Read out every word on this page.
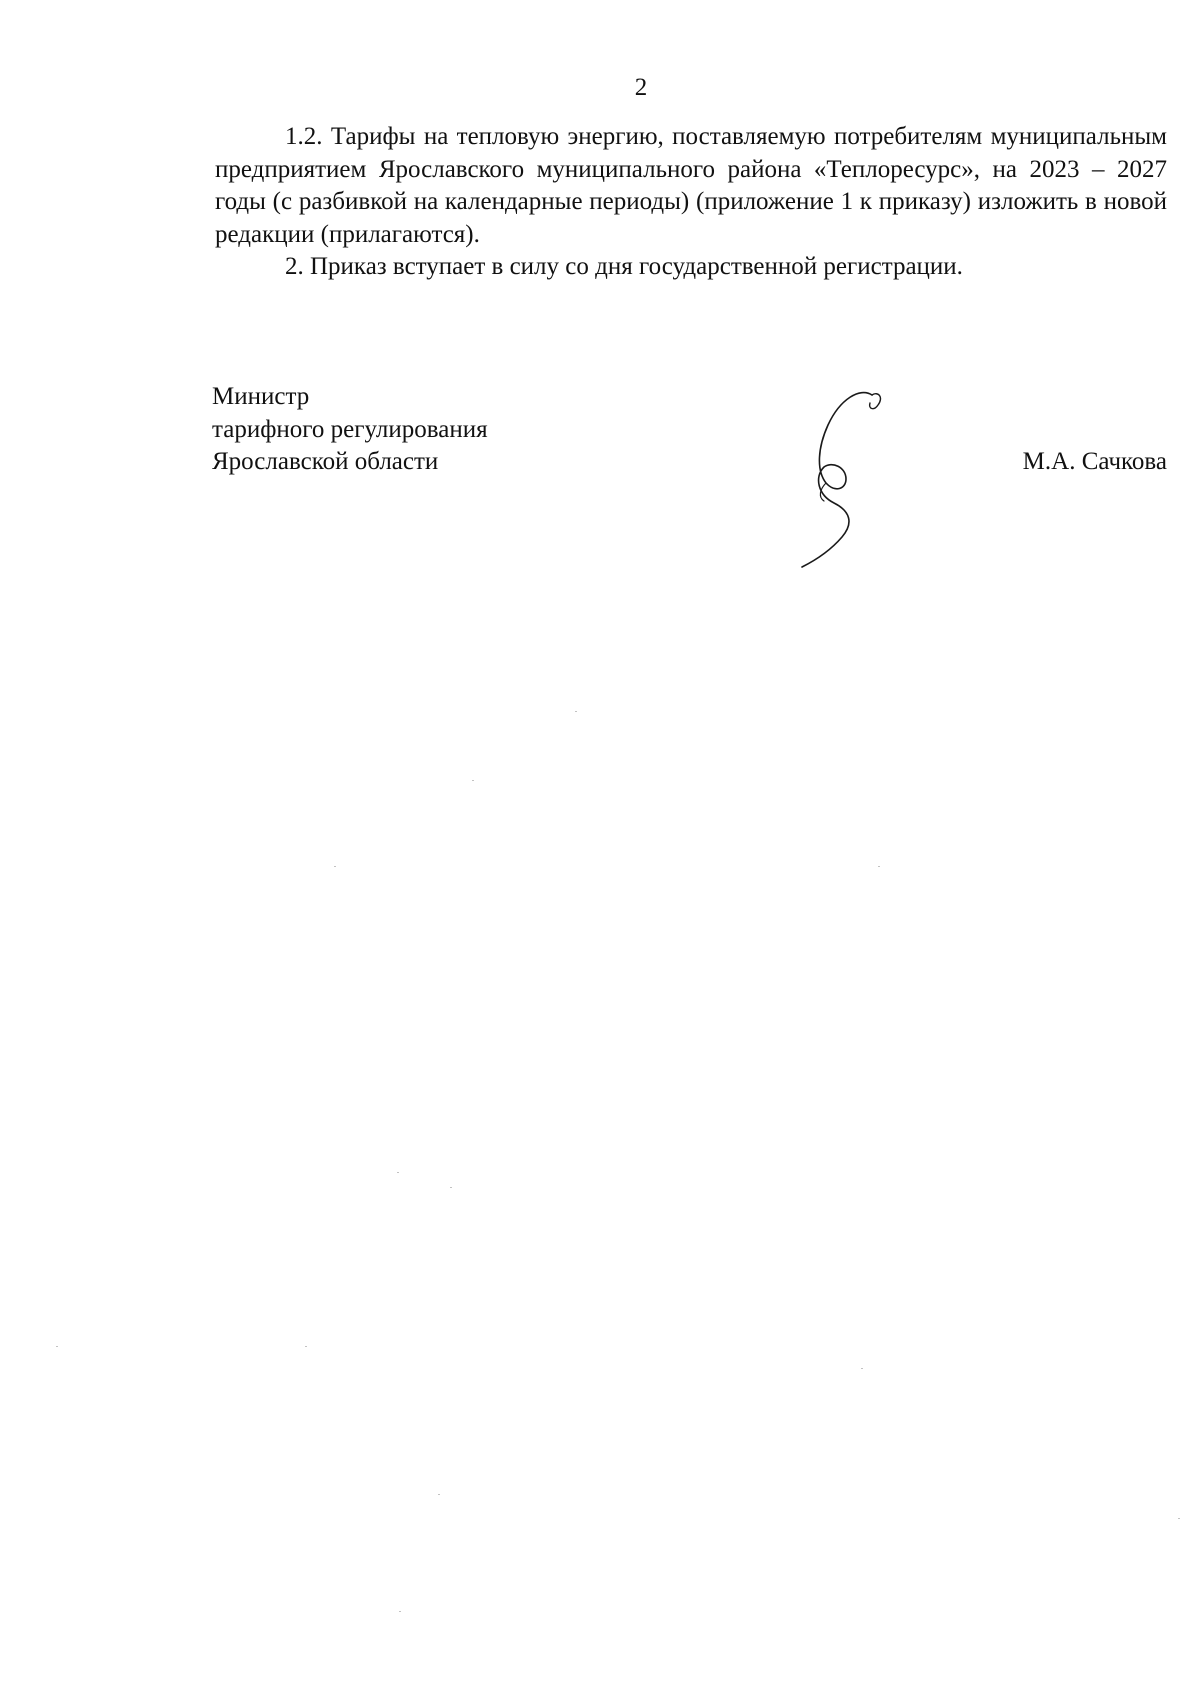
2

1.2. Тарифы на тепловую энергию, поставляемую потребителям муниципальным предприятием Ярославского муниципального района «Теплоресурс», на 2023 – 2027 годы (с разбивкой на календарные периоды) (приложение 1 к приказу) изложить в новой редакции (прилагаются).

2. Приказ вступает в силу со дня государственной регистрации.

Министр
тарифного регулирования
Ярославской области	М.А. Сачкова
